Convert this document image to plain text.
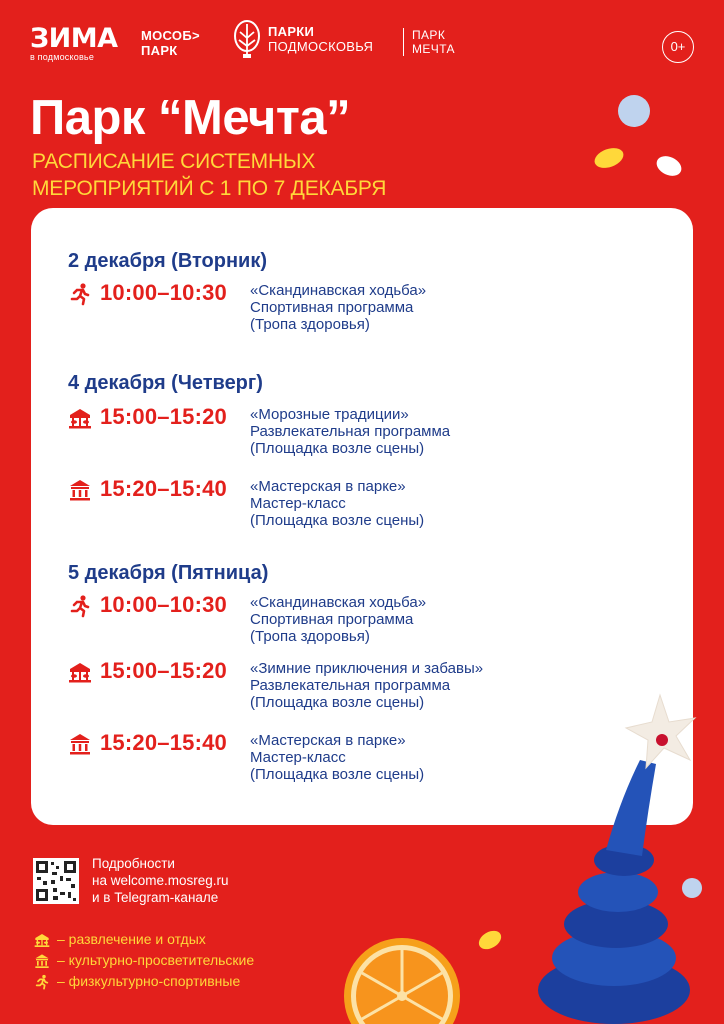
ЗИМА
в подмосковье
МОСОБ>
ПАРК
ПАРКИ
ПОДМОСКОВЬЯ
ПАРК
МЕЧТА	0+
Парк “Мечта”
РАСПИСАНИЕ СИСТЕМНЫХ
МЕРОПРИЯТИЙ С 1 ПО 7 ДЕКАБРЯ
2 декабря (Вторник)
10:00–10:30 «Скандинавская ходьба»
Спортивная программа
(Тропа здоровья)
4 декабря (Четверг)
15:00–15:20 «Морозные традиции»
Развлекательная программа
(Площадка возле сцены)
15:20–15:40 «Мастерская в парке»
Мастер-класс
(Площадка возле сцены)
5 декабря (Пятница)
10:00–10:30 «Скандинавская ходьба»
Спортивная программа
(Тропа здоровья)
15:00–15:20 «Зимние приключения и забавы»
Развлекательная программа
(Площадка возле сцены)
15:20–15:40 «Мастерская в парке»
Мастер-класс
(Площадка возле сцены)
Подробности
на welcome.mosreg.ru
и в Telegram-канале
– развлечение и отдых
– культурно-просветительские
– физкультурно-спортивные
